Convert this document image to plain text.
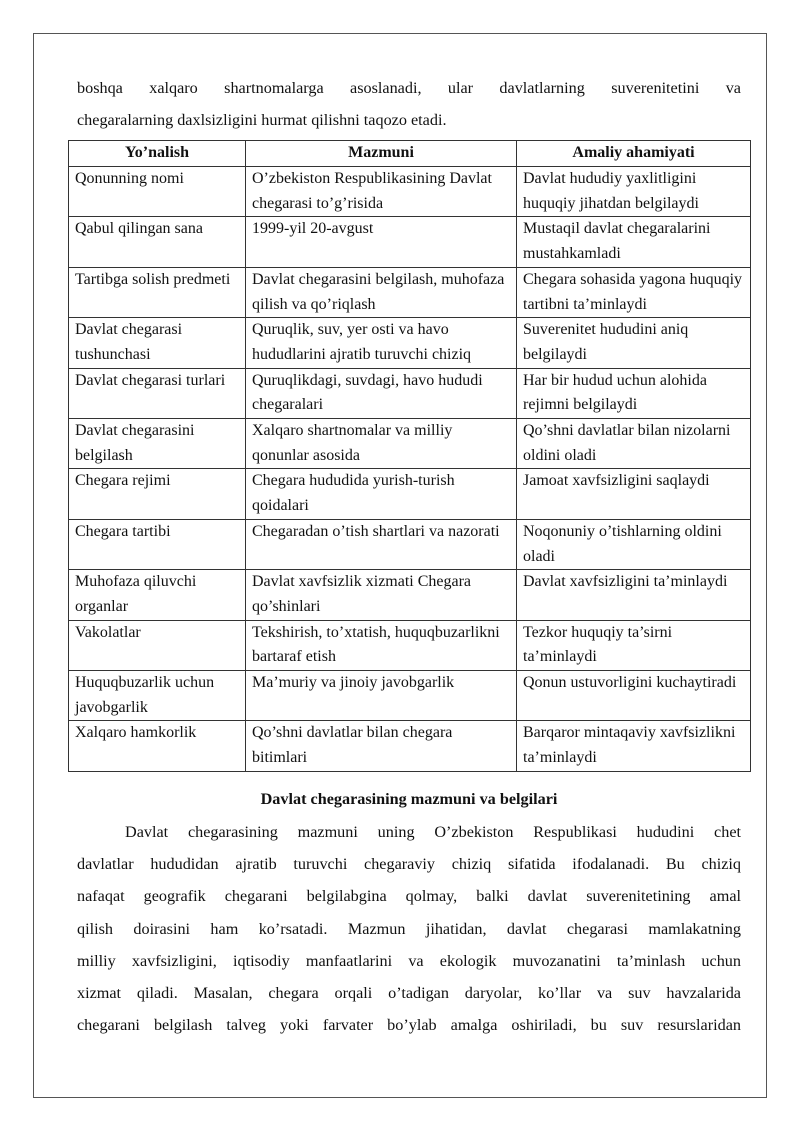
boshqa xalqaro shartnomalarga asoslanadi, ular davlatlarning suverenitetini va
chegaralarning daxlsizligini hurmat qilishni taqozo etadi.
Yo’nalish	Mazmuni	Amaliy ahamiyati
Qonunning nomi	O’zbekiston Respublikasining Davlat chegarasi to’g’risida	Davlat hududiy yaxlitligini huquqiy jihatdan belgilaydi
Qabul qilingan sana	1999-yil 20-avgust	Mustaqil davlat chegaralarini mustahkamladi
Tartibga solish predmeti	Davlat chegarasini belgilash, muhofaza qilish va qo’riqlash	Chegara sohasida yagona huquqiy tartibni ta’minlaydi
Davlat chegarasi tushunchasi	Quruqlik, suv, yer osti va havo hududlarini ajratib turuvchi chiziq	Suverenitet hududini aniq belgilaydi
Davlat chegarasi turlari	Quruqlikdagi, suvdagi, havo hududi chegaralari	Har bir hudud uchun alohida rejimni belgilaydi
Davlat chegarasini belgilash	Xalqaro shartnomalar va milliy qonunlar asosida	Qo’shni davlatlar bilan nizolarni oldini oladi
Chegara rejimi	Chegara hududida yurish-turish qoidalari	Jamoat xavfsizligini saqlaydi
Chegara tartibi	Chegaradan o’tish shartlari va nazorati	Noqonuniy o’tishlarning oldini oladi
Muhofaza qiluvchi organlar	Davlat xavfsizlik xizmati Chegara qo’shinlari	Davlat xavfsizligini ta’minlaydi
Vakolatlar	Tekshirish, to’xtatish, huquqbuzarlikni bartaraf etish	Tezkor huquqiy ta’sirni ta’minlaydi
Huquqbuzarlik uchun javobgarlik	Ma’muriy va jinoiy javobgarlik	Qonun ustuvorligini kuchaytiradi
Xalqaro hamkorlik	Qo’shni davlatlar bilan chegara bitimlari	Barqaror mintaqaviy xavfsizlikni ta’minlaydi
Davlat chegarasining mazmuni va belgilari
Davlat chegarasining mazmuni uning O’zbekiston Respublikasi hududini chet
davlatlar hududidan ajratib turuvchi chegaraviy chiziq sifatida ifodalanadi. Bu chiziq
nafaqat geografik chegarani belgilabgina qolmay, balki davlat suverenitetining amal
qilish doirasini ham ko’rsatadi. Mazmun jihatidan, davlat chegarasi mamlakatning
milliy xavfsizligini, iqtisodiy manfaatlarini va ekologik muvozanatini ta’minlash uchun
xizmat qiladi. Masalan, chegara orqali o’tadigan daryolar, ko’llar va suv havzalarida
chegarani belgilash talveg yoki farvater bo’ylab amalga oshiriladi, bu suv resurslaridan
